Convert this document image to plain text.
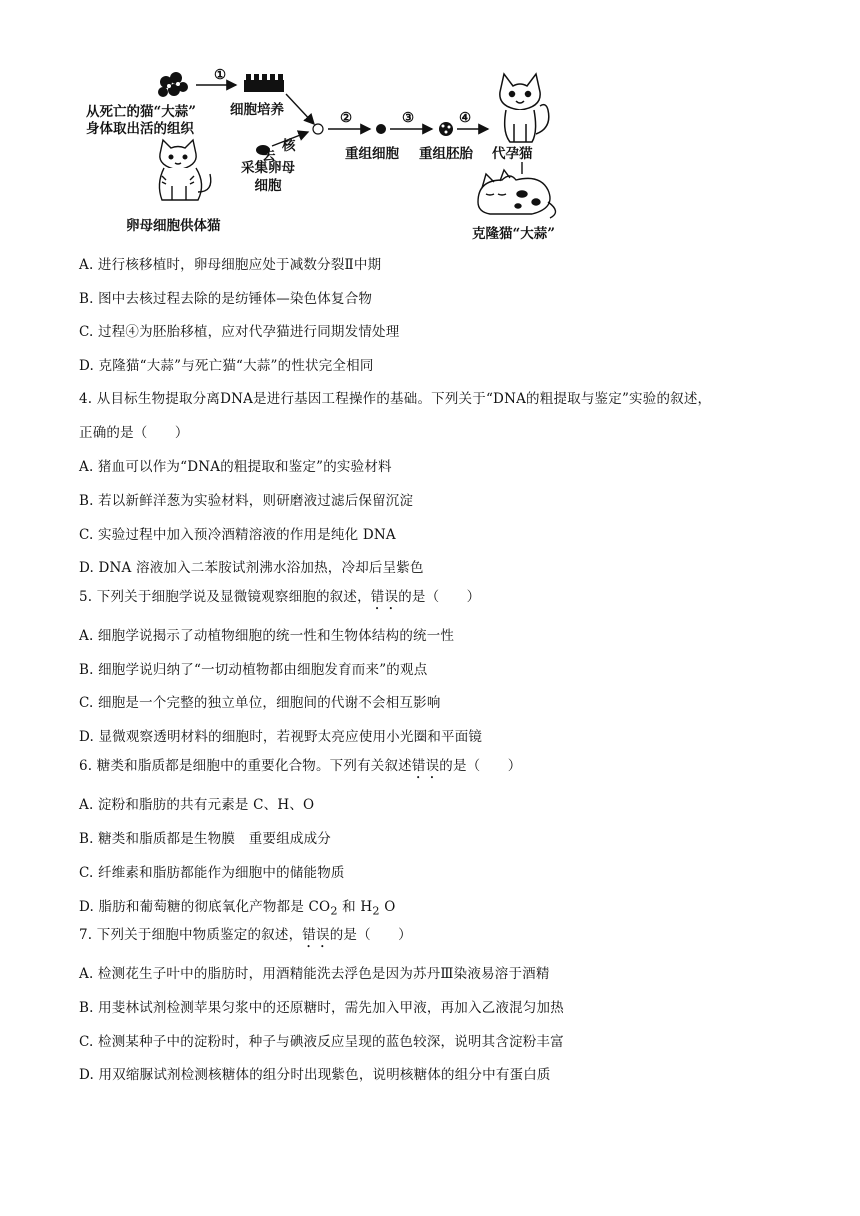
①
从死亡的猫“大蒜”
身体取出活的组织
细胞培养
去
核
采集卵母
细胞
卵母细胞供体猫
②
重组细胞
③
重组胚胎
④
代孕猫
克隆猫“大蒜”
A. 进行核移植时，卵母细胞应处于减数分裂Ⅱ中期
B. 图中去核过程去除的是纺锤体—染色体复合物
C. 过程④为胚胎移植，应对代孕猫进行同期发情处理
D. 克隆猫“大蒜”与死亡猫“大蒜”的性状完全相同
4. 从目标生物提取分离DNA是进行基因工程操作的基础。下列关于“DNA的粗提取与鉴定”实验的叙述，
正确的是（　　）
A. 猪血可以作为“DNA的粗提取和鉴定”的实验材料
B. 若以新鲜洋葱为实验材料，则研磨液过滤后保留沉淀
C. 实验过程中加入预冷酒精溶液的作用是纯化 DNA
D. DNA 溶液加入二苯胺试剂沸水浴加热，冷却后呈紫色
5. 下列关于细胞学说及显微镜观察细胞的叙述，错误的是（　　）
A. 细胞学说揭示了动植物细胞的统一性和生物体结构的统一性
B. 细胞学说归纳了“一切动植物都由细胞发育而来”的观点
C. 细胞是一个完整的独立单位，细胞间的代谢不会相互影响
D. 显微观察透明材料的细胞时，若视野太亮应使用小光圈和平面镜
6. 糖类和脂质都是细胞中的重要化合物。下列有关叙述错误的是（　　）
A. 淀粉和脂肪的共有元素是 C、H、O
B. 糖类和脂质都是生物膜　重要组成成分
C. 纤维素和脂肪都能作为细胞中的储能物质
D. 脂肪和葡萄糖的彻底氧化产物都是 $CO_2$ 和 $H_2$ O
7. 下列关于细胞中物质鉴定的叙述，错误的是（　　）
A. 检测花生子叶中的脂肪时，用酒精能洗去浮色是因为苏丹Ⅲ染液易溶于酒精
B. 用斐林试剂检测苹果匀浆中的还原糖时，需先加入甲液，再加入乙液混匀加热
C. 检测某种子中的淀粉时，种子与碘液反应呈现的蓝色较深，说明其含淀粉丰富
D. 用双缩脲试剂检测核糖体的组分时出现紫色，说明核糖体的组分中有蛋白质
